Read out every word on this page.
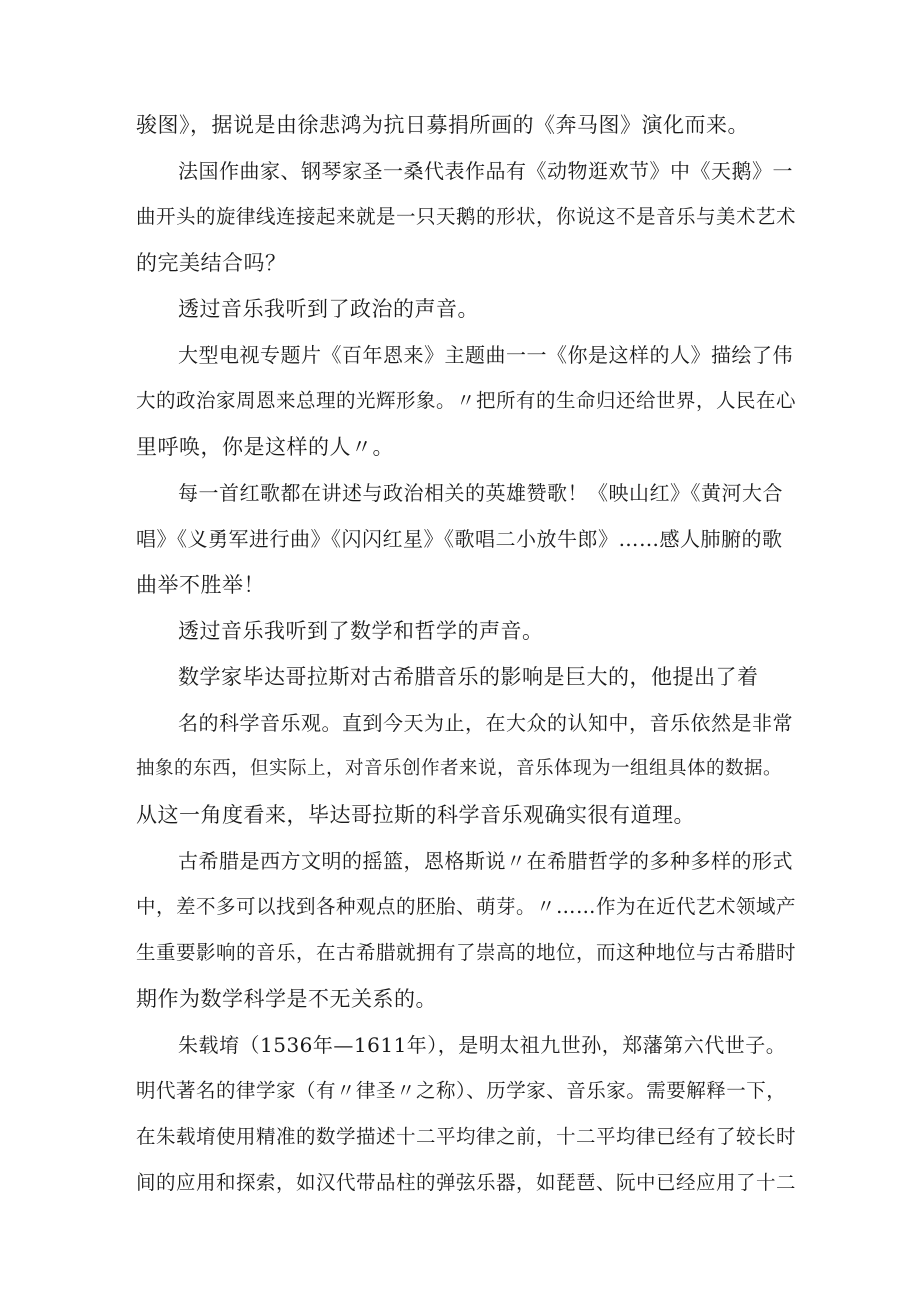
骏图》，据说是由徐悲鸿为抗日募捐所画的《奔马图》演化而来。
法国作曲家、钢琴家圣一桑代表作品有《动物逛欢节》中《天鹅》一
曲开头的旋律线连接起来就是一只天鹅的形状，你说这不是音乐与美术艺术
的完美结合吗？
透过音乐我听到了政治的声音。
大型电视专题片《百年恩来》主题曲一一《你是这样的人》描绘了伟
大的政治家周恩来总理的光辉形象。〃把所有的生命归还给世界，人民在心
里呼唤，你是这样的人〃。
每一首红歌都在讲述与政治相关的英雄赞歌！《映山红》《黄河大合
唱》《义勇军进行曲》《闪闪红星》《歌唱二小放牛郎》……感人肺腑的歌
曲举不胜举！
透过音乐我听到了数学和哲学的声音。
数学家毕达哥拉斯对古希腊音乐的影响是巨大的，他提出了着
名的科学音乐观。直到今天为止，在大众的认知中，音乐依然是非常
抽象的东西，但实际上，对音乐创作者来说，音乐体现为一组组具体的数据。
从这一角度看来，毕达哥拉斯的科学音乐观确实很有道理。
古希腊是西方文明的摇篮，恩格斯说〃在希腊哲学的多种多样的形式
中，差不多可以找到各种观点的胚胎、萌芽。〃……作为在近代艺术领域产
生重要影响的音乐，在古希腊就拥有了崇高的地位，而这种地位与古希腊时
期作为数学科学是不无关系的。
朱载堉（1536年—1611年），是明太祖九世孙，郑藩第六代世子。
明代著名的律学家（有〃律圣〃之称）、历学家、音乐家。需要解释一下，
在朱载堉使用精准的数学描述十二平均律之前，十二平均律已经有了较长时
间的应用和探索，如汉代带品柱的弹弦乐器，如琵琶、阮中已经应用了十二
